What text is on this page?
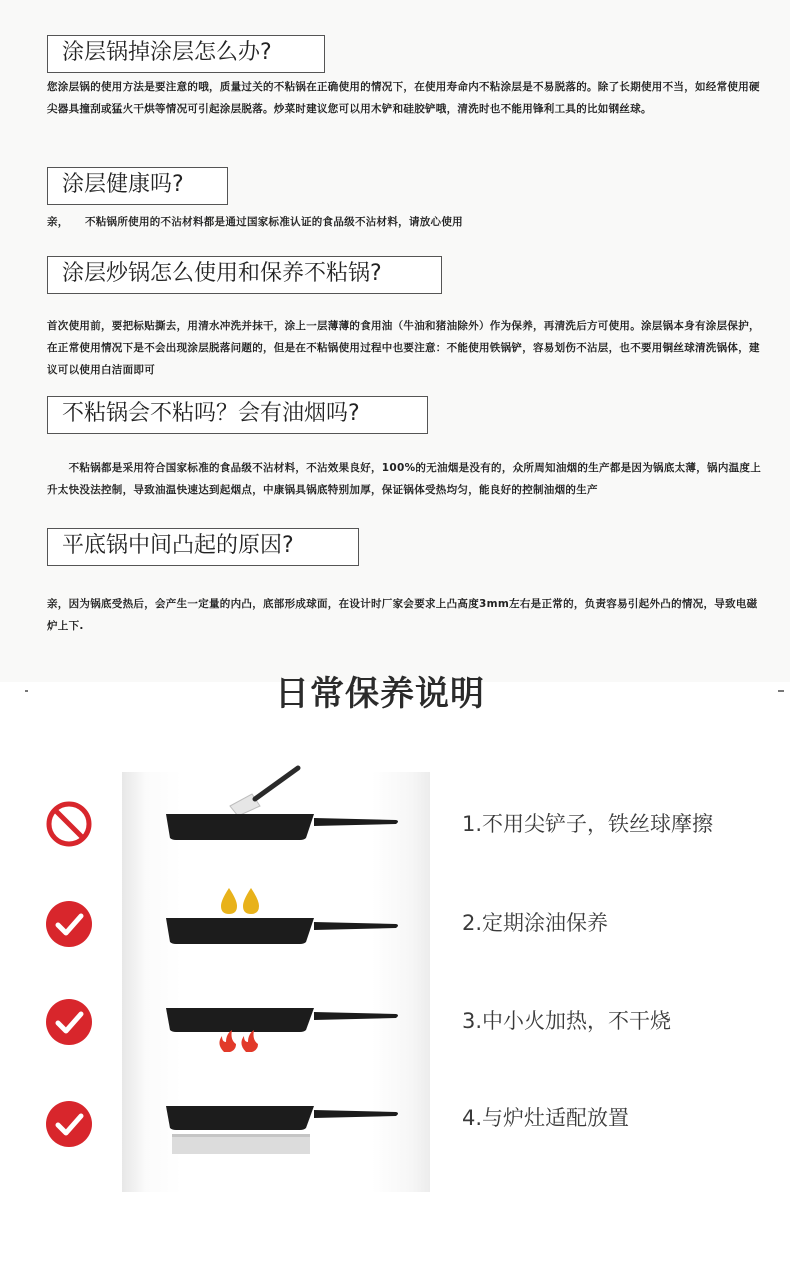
涂层锅掉涂层怎么办?

您涂层锅的使用方法是要注意的哦，质量过关的不粘锅在正确使用的情况下，在使用寿命内不粘涂层是不易脱落的。除了长期使用不当，如经常使用硬尖器具撞刮或猛火干烘等情况可引起涂层脱落。炒菜时建议您可以用木铲和硅胶铲哦，清洗时也不能用锋利工具的比如钢丝球。

涂层健康吗?

亲，　　不粘锅所使用的不沾材料都是通过国家标准认证的食品级不沾材料，请放心使用

涂层炒锅怎么使用和保养不粘锅?

首次使用前，要把标贴撕去，用清水冲洗并抹干，涂上一层薄薄的食用油（牛油和猪油除外）作为保养，再清洗后方可使用。涂层锅本身有涂层保护，在正常使用情况下是不会出现涂层脱落问题的，但是在不粘锅使用过程中也要注意：不能使用铁锅铲，容易划伤不沾层，也不要用铜丝球清洗锅体，建议可以使用白洁面即可

不粘锅会不粘吗？会有油烟吗?

　　不粘锅都是采用符合国家标准的食品级不沾材料，不沾效果良好，100%的无油烟是没有的，众所周知油烟的生产都是因为锅底太薄，锅内温度上升太快没法控制，导致油温快速达到起烟点，中康锅具锅底特别加厚，保证锅体受热均匀，能良好的控制油烟的生产

平底锅中间凸起的原因?

亲，因为锅底受热后，会产生一定量的内凸，底部形成球面，在设计时厂家会要求上凸高度3mm左右是正常的，负责容易引起外凸的情况，导致电磁炉上下.

日常保养说明
1.不用尖铲子，铁丝球摩擦
2.定期涂油保养
3.中小火加热，不干烧
4.与炉灶适配放置
